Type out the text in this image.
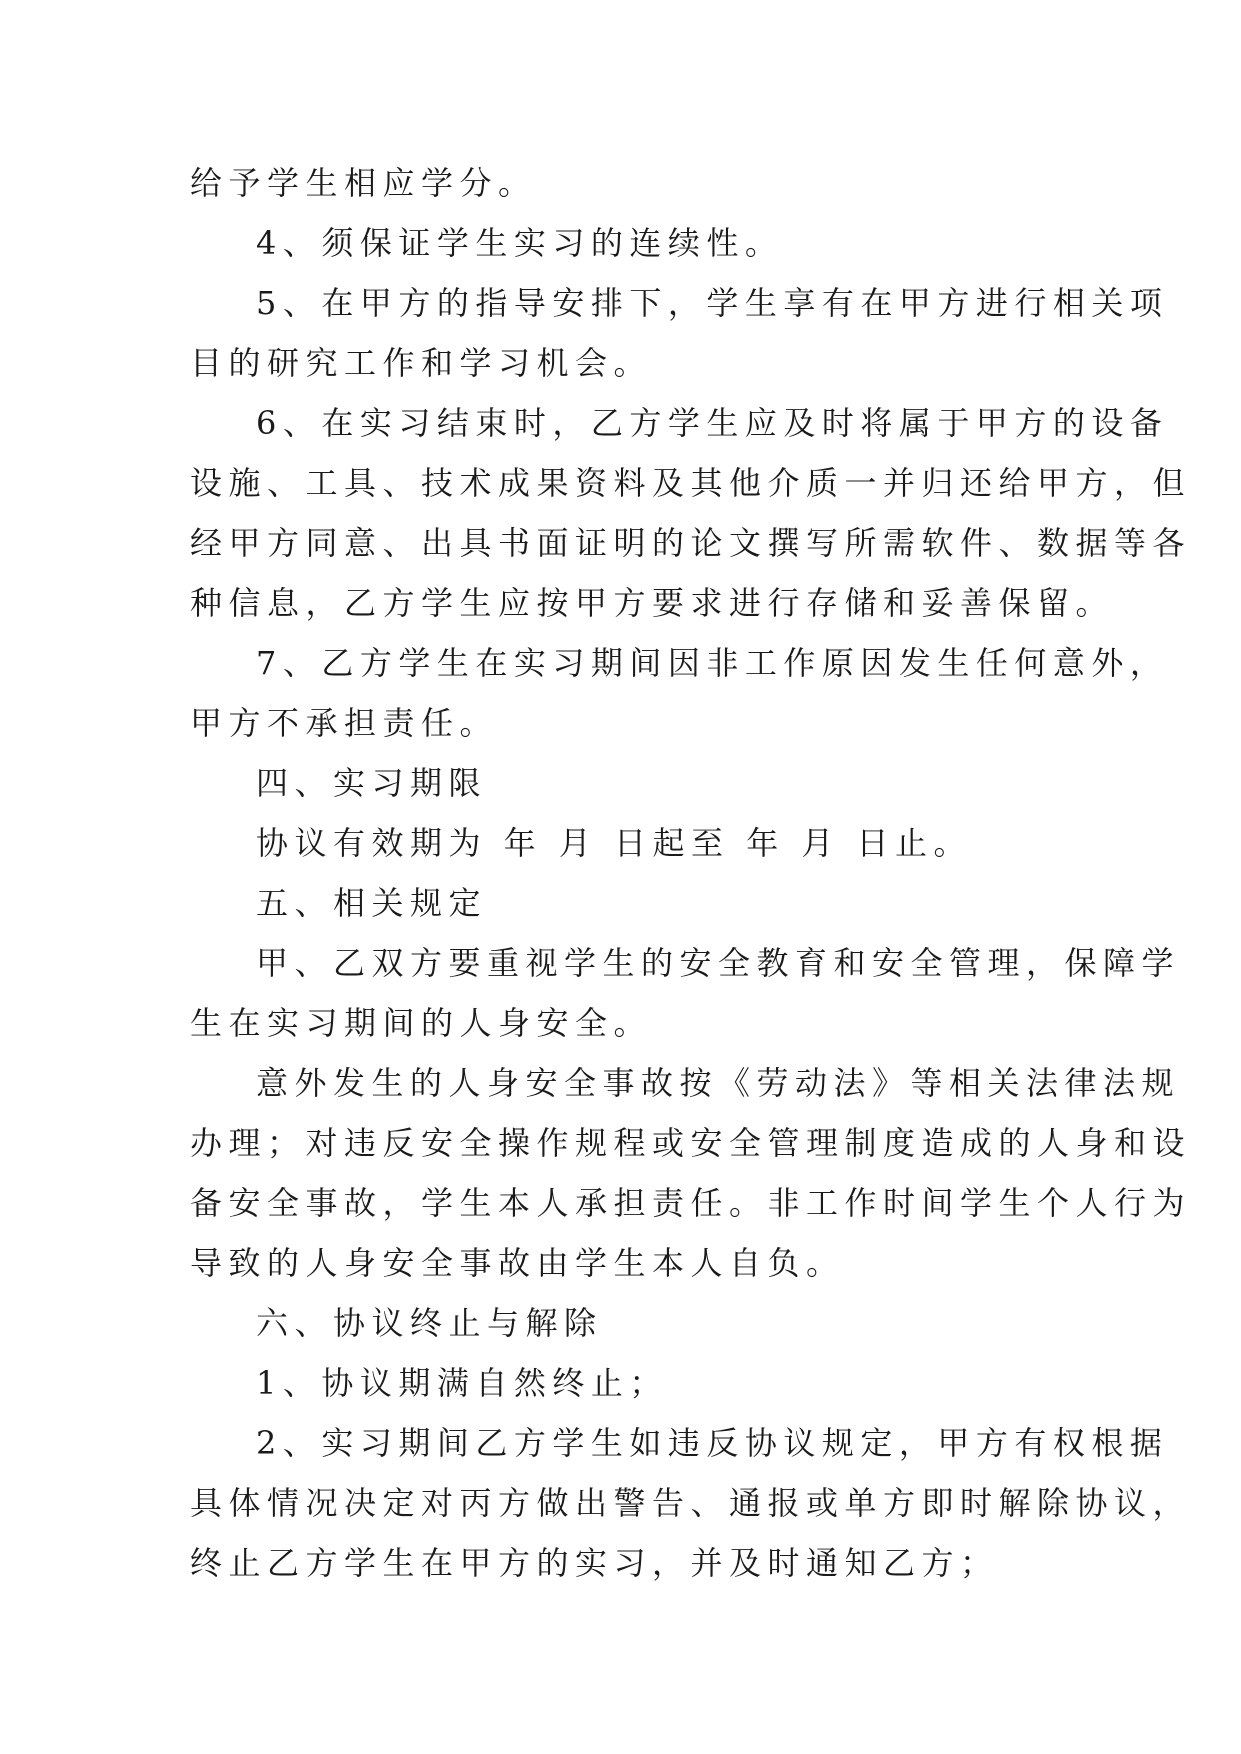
给予学生相应学分。
4、须保证学生实习的连续性。
5、在甲方的指导安排下，学生享有在甲方进行相关项
目的研究工作和学习机会。
6、在实习结束时，乙方学生应及时将属于甲方的设备
设施、工具、技术成果资料及其他介质一并归还给甲方，但
经甲方同意、出具书面证明的论文撰写所需软件、数据等各
种信息，乙方学生应按甲方要求进行存储和妥善保留。
7、乙方学生在实习期间因非工作原因发生任何意外，
甲方不承担责任。
四、实习期限
协议有效期为 年 月 日起至 年 月 日止。
五、相关规定
甲、乙双方要重视学生的安全教育和安全管理，保障学
生在实习期间的人身安全。
意外发生的人身安全事故按《劳动法》等相关法律法规
办理；对违反安全操作规程或安全管理制度造成的人身和设
备安全事故，学生本人承担责任。非工作时间学生个人行为
导致的人身安全事故由学生本人自负。
六、协议终止与解除
1、协议期满自然终止；
2、实习期间乙方学生如违反协议规定，甲方有权根据
具体情况决定对丙方做出警告、通报或单方即时解除协议，
终止乙方学生在甲方的实习，并及时通知乙方；
